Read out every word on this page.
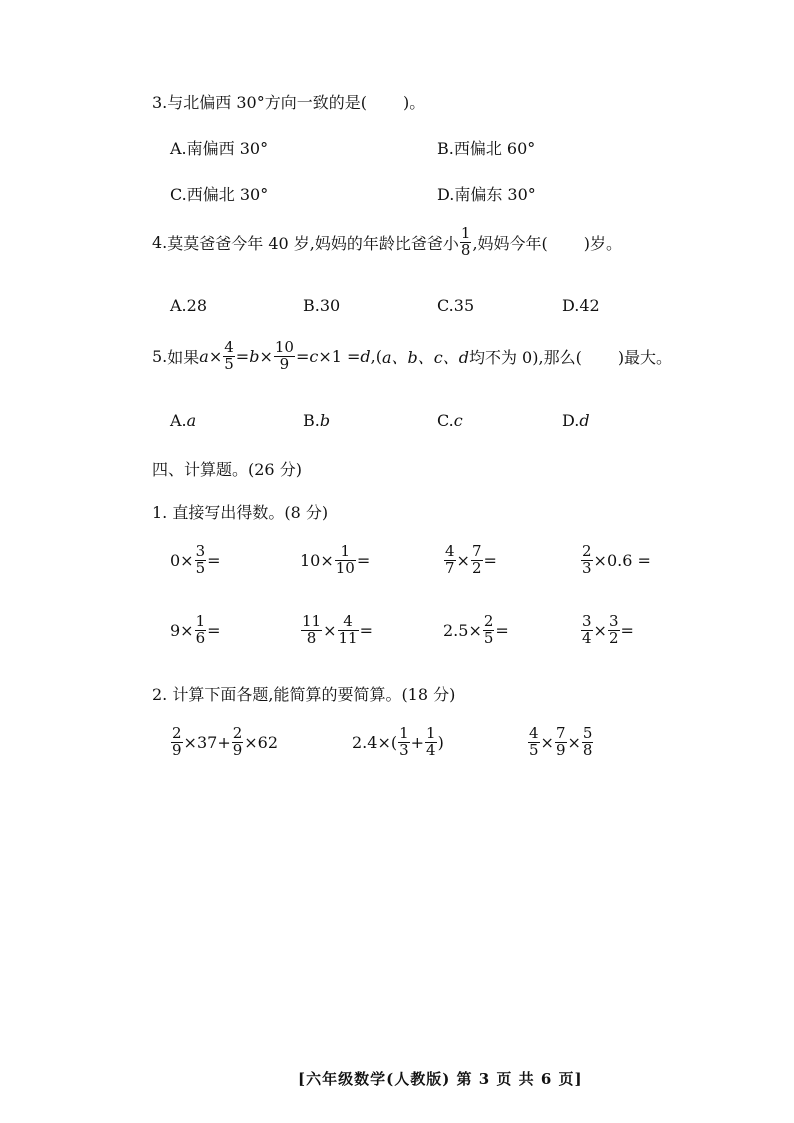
3.与北偏西 30°方向一致的是( )。
A.南偏西 30°	B.西偏北 60°
C.西偏北 30°	D.南偏东 30°
4. 莫莫爸爸今年 40 岁,妈妈的年龄比爸爸小 $\frac{1}{8}$ ,妈妈今年( )岁。
A.28	B.30	C.35	D.42
5. 如果 $a \times \frac{4}{5} = b \times \frac{10}{9} = c \times 1 = d$ ,( a、b、c、d 均不为 0),那么( )最大。
A.a	B.b	C.c	D.d
四、计算题。(26 分)
1. 直接写出得数。(8 分)
$0\times \frac{3}{5}$ =	$10\times \frac{1}{10}$ =	$\frac{4}{7} \times \frac{7}{2}$ =	$\frac{2}{3} \times 0.6$ =
$9\times \frac{1}{6}$ =	$\frac{11}{8} \times \frac{4}{11}$ =	$2.5\times \frac{2}{5}$ =	$\frac{3}{4} \times \frac{3}{2}$ =
2. 计算下面各题,能简算的要简算。(18 分)
$\frac{2}{9} \times 37+ \frac{2}{9} \times 62$	$2.4\times( \frac{1}{3} + \frac{1}{4}$ )	$\frac{4}{5} \times \frac{7}{9} \times \frac{5}{8}$
[六年级数学(人教版) 第 3 页 共 6 页]
